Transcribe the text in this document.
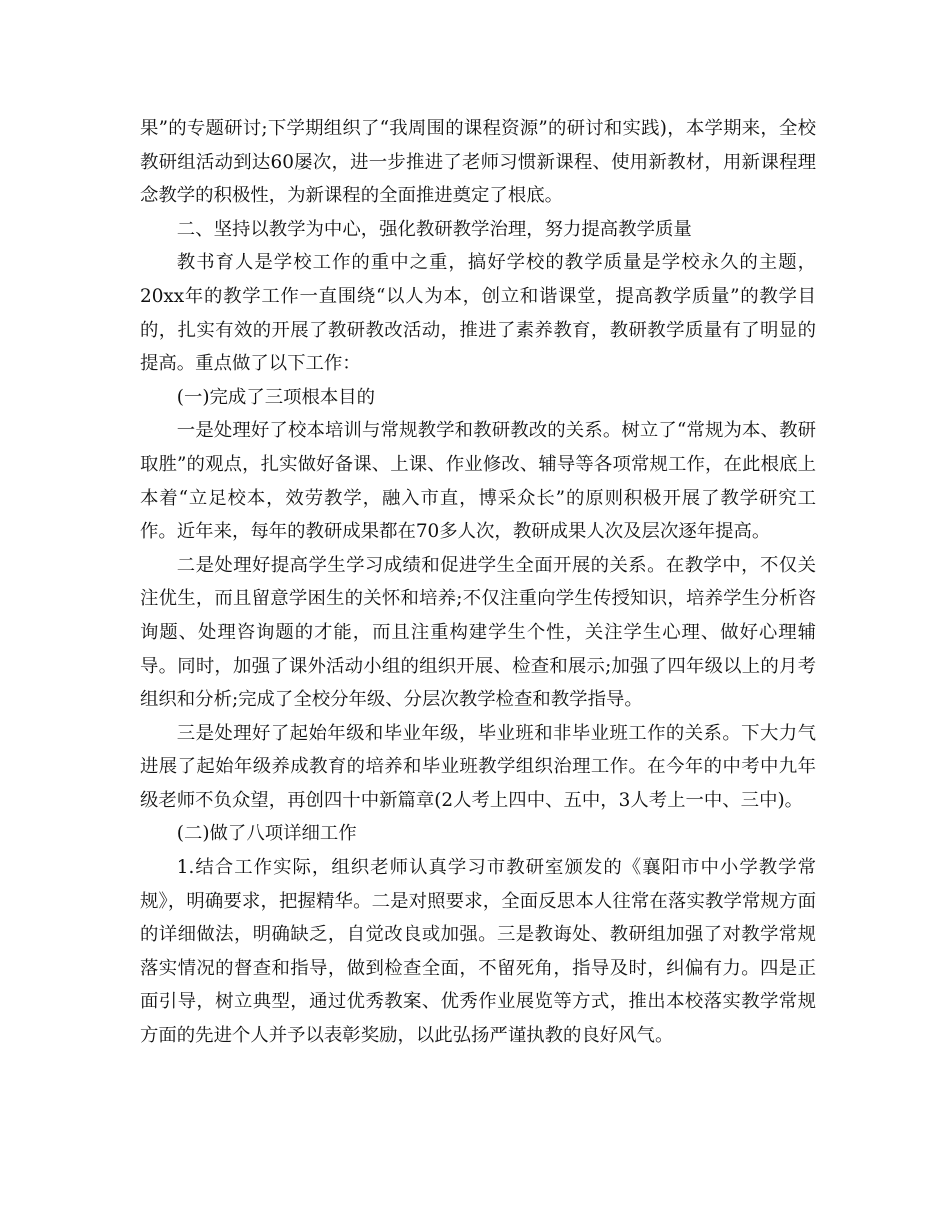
果”的专题研讨;下学期组织了“我周围的课程资源”的研讨和实践)，本学期来，全校教研组活动到达60屡次，进一步推进了老师习惯新课程、使用新教材，用新课程理念教学的积极性，为新课程的全面推进奠定了根底。

二、坚持以教学为中心，强化教研教学治理，努力提高教学质量

教书育人是学校工作的重中之重，搞好学校的教学质量是学校永久的主题，20xx年的教学工作一直围绕“以人为本，创立和谐课堂，提高教学质量”的教学目的，扎实有效的开展了教研教改活动，推进了素养教育，教研教学质量有了明显的提高。重点做了以下工作：

(一)完成了三项根本目的

一是处理好了校本培训与常规教学和教研教改的关系。树立了“常规为本、教研取胜”的观点，扎实做好备课、上课、作业修改、辅导等各项常规工作，在此根底上本着“立足校本，效劳教学，融入市直，博采众长”的原则积极开展了教学研究工作。近年来，每年的教研成果都在70多人次，教研成果人次及层次逐年提高。

二是处理好提高学生学习成绩和促进学生全面开展的关系。在教学中，不仅关注优生，而且留意学困生的关怀和培养;不仅注重向学生传授知识，培养学生分析咨询题、处理咨询题的才能，而且注重构建学生个性，关注学生心理、做好心理辅导。同时，加强了课外活动小组的组织开展、检查和展示;加强了四年级以上的月考组织和分析;完成了全校分年级、分层次教学检查和教学指导。

三是处理好了起始年级和毕业年级，毕业班和非毕业班工作的关系。下大力气进展了起始年级养成教育的培养和毕业班教学组织治理工作。在今年的中考中九年级老师不负众望，再创四十中新篇章(2人考上四中、五中，3人考上一中、三中)。

(二)做了八项详细工作

1.结合工作实际，组织老师认真学习市教研室颁发的《襄阳市中小学教学常规》，明确要求，把握精华。二是对照要求，全面反思本人往常在落实教学常规方面的详细做法，明确缺乏，自觉改良或加强。三是教诲处、教研组加强了对教学常规落实情况的督查和指导，做到检查全面，不留死角，指导及时，纠偏有力。四是正面引导，树立典型，通过优秀教案、优秀作业展览等方式，推出本校落实教学常规方面的先进个人并予以表彰奖励，以此弘扬严谨执教的良好风气。
